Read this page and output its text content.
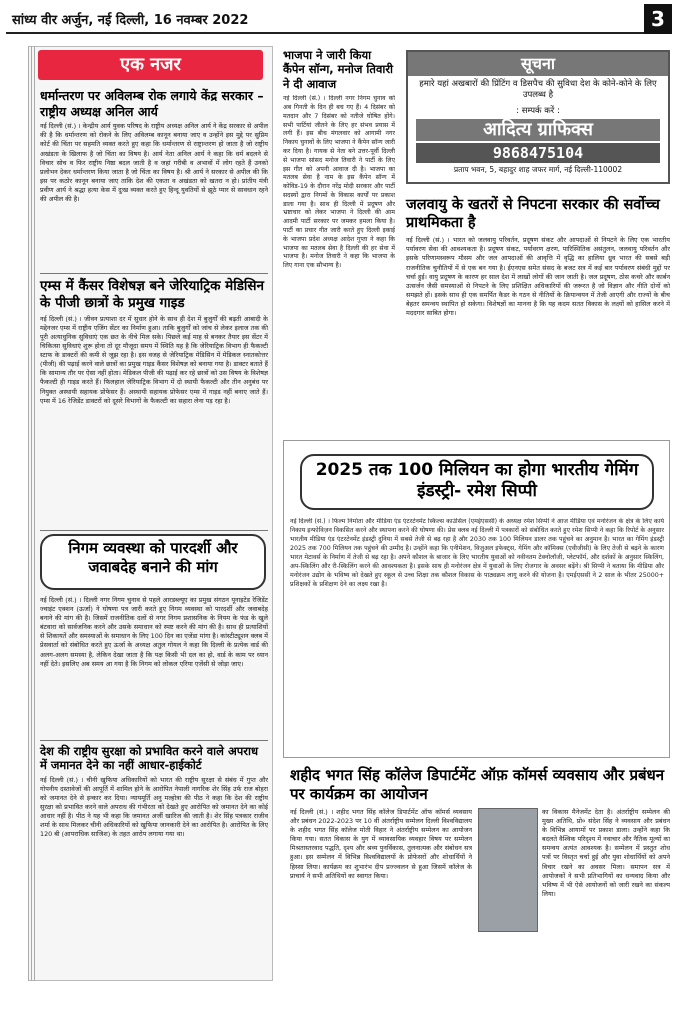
सांध्य वीर अर्जुन, नई दिल्ली, 16 नवम्बर 2022	3
एक नजर
धर्मान्तरण पर अविलम्ब रोक लगाये केंद्र सरकार –राष्ट्रीय अध्यक्ष अनिल आर्य
नई दिल्ली (सं.) । केन्द्रीय आर्य युवक परिषद के राष्ट्रीय अध्यक्ष अनिल आर्य ने केंद्र सरकार से अपील की है कि धर्मान्तरण को रोकने के लिए अविलम्ब कानून बनाया जाए व उन्होंने इस मुद्दे पर सुप्रिम कोर्ट की चिंता पर सहमति व्यक्त करते हुए कहा कि धर्मान्तरण से राष्ट्रान्तरण हो जाता है जो राष्ट्रीय अखंडता के खिलाफ है जो चिंता का विषय है। आर्य नेता अनिल आर्य ने कहा कि धर्म बदलने से विचार सोच व फिर राष्ट्रीय निष्ठा बदल जाती है व जहां गरीबी व अभावों में लोग रहते हैं उनको प्रलोभन देकर धर्मान्तरण किया जाता है जो चिंता का विषय है। श्री आर्य ने सरकार से अपील की कि इस पर कठोर कानून बनाया जाए ताकि देश की एकता व अखंडता को खतरा न हो। प्रांतीय मंत्री प्रवीण आर्य ने श्रद्धा हत्या केस में दुःख व्यक्त करते हुए हिन्दू युवतियों से झूठे प्यार से सावधान रहने की अपील की है।
एम्स में कैंसर विशेषज्ञ बने जेरियाट्रिक मेडिसिन के पीजी छात्रों के प्रमुख गाइड
नई दिल्ली (सं.) । जीवन प्रत्याशा दर में सुधार होने के साथ ही देश में बुजुर्गों की बढ़ती आबादी के मद्देनजर एम्स में राष्ट्रीय एजिंग सेंटर का निर्माण हुआ। ताकि बुजुर्गों को जांच से लेकर इलाज तक की पूरी अत्याधुनिक सुविधाएं एक छत के नीचे मिल सके। पिछले कई माह से बनकर तैयार इस सेंटर में चिकित्सा सुविधाएं शुरू होना तो दूर मौजूदा समय में स्थिति यह है कि जेरियाट्रिक विभाग ही फैकल्टी स्टाफ के डाक्टरों की कमी से जूझ रहा है। इस वजह से जेरियाट्रिक मेडिसिन में मेडिकल स्नातकोत्तर (पीजी) की पढ़ाई करने वाले छात्रों का प्रमुख गाइड कैंसर विशेषज्ञ को बनाया गया है। डाक्टर बताते हैं कि सामान्य तौर पर ऐसा नहीं होता। मेडिकल पीजी की पढ़ाई कर रहे छात्रों को उस विषय के विशेषज्ञ फैकल्टी ही गाइड करते हैं। फिलहाल जेरियाट्रिक विभाग में दो स्थायी फैकल्टी और तीन अनुबंध पर नियुक्त अस्थायी सहायक प्रोफेसर हैं। अस्थायी सहायक प्रोफेसर एम्स में गाइड नहीं बनाए जाते हैं। एम्स में 16 रेजिडेंट डाक्टरों को दूसरे विभागों के फैकल्टी का सहारा लेना पड़ रहा है।
निगम व्यवस्था को पारदर्शी और जवाबदेह बनाने की मांग
नई दिल्ली (सं.) । दिल्ली नगर निगम चुनाव से पहले आरडब्ल्यूए का प्रमुख संगठन यूनाइटेड रेजिडेंट ज्वाइंट एक्शन (ऊर्जा) ने घोषणा पत्र जारी करते हुए निगम व्यवस्था को पारदर्शी और जवाबदेह बनाने की मांग की है। जिसमें राजनीतिक दलों से नगर निगम प्रशासनिक के नियम के फंड के खुले बंटवारा को सार्वजनिक करने और उसके समाधान को स्पष्ट करने की मांग की है। साथ ही प्रत्याशियों से शिकायतें और समस्याओं के समाधान के लिए 100 दिन का एजेंडा मांगा है। कांस्टीट्यूशन क्लब में प्रेसवार्ता को संबोधित करते हुए ऊर्जा के अध्यक्ष अतुल गोयल ने कहा कि दिल्ली के प्रत्येक वार्ड की अलग-अलग समस्या है, लेकिन देखा जाता है कि पक्ष किसी भी दल का हो, वार्ड के काम पर ध्यान नहीं देते। इसलिए अब समय आ गया है कि निगम को लोकल एरिया एजेंसी से जोड़ा जाए।
देश की राष्ट्रीय सुरक्षा को प्रभावित करने वाले अपराध में जमानत देने का नहीं आधार-हाईकोर्ट
नई दिल्ली (सं.) । चीनी खुफिया अधिकारियों को भारत की राष्ट्रीय सुरक्षा से संबंध में गुप्त और गोपनीय दस्तावेजों की आपूर्ति में शामिल होने के आरोपित नेपाली नागरिक शेर सिंह उर्फ राज बोहरा को जमानत देने से इन्कार कर दिया। न्यायमूर्ति अनु मल्होत्रा की पीठ ने कहा कि देश की राष्ट्रीय सुरक्षा को प्रभावित करने वाले अपराध की गंभीरता को देखते हुए आरोपित को जमानत देने का कोई आधार नहीं है। पीठ ने यह भी कहा कि जमानत अर्जी खारिज की जाती है। शेर सिंह पत्रकार राजीव शर्मा के साथ मिलकर चीनी अधिकारियों को खुफिया जानकारी देने का आरोपित है। आरोपित के लिए 120 बी (आपराधिक साजिश) के तहत आरोप लगाया गया था।
भाजपा ने जारी किया कैंपेन सॉन्ग, मनोज तिवारी ने दी आवाज
नई दिल्ली (सं.) । दिल्ली नगर निगम चुनाव को अब गिनती के दिन ही बच गए हैं। 4 दिसंबर को मतदान और 7 दिसंबर को नतीजे घोषित होंगे। सभी पार्टियां जीतने के लिए हर संभव प्रयास में लगी हैं। इस बीच मंगलवार को आगामी नगर निकाय चुनावों के लिए भाजपा ने कैंपेन सॉन्ग जारी कर दिया है। गायक से नेता बने उत्तर-पूर्वी दिल्ली से भाजपा सांसद मनोज तिवारी ने पार्टी के लिए इस गीत को अपनी आवाज दी है। भाजपा का मतलब सेवा है नाम के इस कैंपेन सॉन्ग में कोविड-19 के दौरान नरेंद्र मोदी सरकार और पार्टी सदस्यों द्वारा निगमों के विकास कार्यों पर प्रकाश डाला गया है। साथ ही दिल्ली में प्रदूषण और भ्रष्टाचार को लेकर भाजपा ने दिल्ली की आम आदमी पार्टी सरकार पर जमकर हमला किया है। पार्टी का प्रचार गीत जारी करते हुए दिल्ली इकाई के भाजपा प्रदेश अध्यक्ष आदेश गुप्ता ने कहा कि भाजपा का मतलब सेवा है दिल्ली की हर सेवा में भाजपा है। मनोज तिवारी ने कहा कि भाजपा के लिए गाना एक सौभाग्य है।
सूचना
हमारे यहां अखबारों की प्रिंटिंग व डिसपैच की सुविधा देश के कोने-कोने के लिए उपलब्ध है
: सम्पर्क करें :
आदित्य ग्राफिक्स
9868475104
प्रताप भवन, 5, बहादुर शाह जफर मार्ग, नई दिल्ली-110002
जलवायु के खतरों से निपटना सरकार की सर्वोच्च प्राथमिकता है
नई दिल्ली (सं.) । भारत को जलवायु परिवर्तन, प्रदूषण संकट और आपदाओं से निपटने के लिए एक भारतीय पर्यावरण सेवा की आवश्यकता है। प्रदूषण संकट, पर्यावरण क्षरण, पारिस्थितिक असंतुलन, जलवायु परिवर्तन और इसके परिणामस्वरूप मौसम और जल आपदाओं की आवृत्ति में वृद्धि का हालिया ध्रुव भारत की सबसे बड़ी राजनीतिक चुनौतियों में से एक बन गया है। ईएनएस समेत संसद के बजट सत्र में कई बार पर्यावरण संबंधी मुद्दों पर चर्चा हुई। वायु प्रदूषण के कारण हर साल देश में लाखों लोगों की जान जाती है। जल प्रदूषण, ठोस कचरे और कार्बन उत्सर्जन जैसी समस्याओं से निपटने के लिए प्रशिक्षित अधिकारियों की जरूरत है जो विज्ञान और नीति दोनों को समझते हों। इसके साथ ही एक समर्पित कैडर के गठन से नीतियों के क्रियान्वयन में तेजी आएगी और राज्यों के बीच बेहतर समन्वय स्थापित हो सकेगा। विशेषज्ञों का मानना है कि यह कदम सतत विकास के लक्ष्यों को हासिल करने में मददगार साबित होगा।
2025 तक 100 मिलियन का होगा भारतीय गेमिंग इंडस्ट्री- रमेश सिप्पी
नई दिल्ली (सं.) । फिल्म निर्माता और मीडिया एंड एंटरटेनमेंट स्किल्स काउंसिल (एमईएससी) के अध्यक्ष रमेश सिप्पी ने आज मीडिया एवं मनोरंजन के क्षेत्र के लिए कार्य निकाय इन्फोविज़न विकसित करने और स्थापना करने की घोषणा की। प्रेस क्लब नई दिल्ली में पत्रकारों को संबोधित करते हुए रमेश सिप्पी ने कहा कि रिपोर्ट के अनुसार भारतीय मीडिया एंड एंटरटेनमेंट इंडस्ट्री दुनिया में सबसे तेजी से बढ़ रहा है और 2030 तक 100 मिलियन डालर तक पहुंचने का अनुमान है। भारत का गेमिंग इंडस्ट्री 2025 तक 700 मिलियन तक पहुंचने की उम्मीद है। उन्होंने कहा कि एनीमेशन, विजुअल इफेक्ट्स, गेमिंग और कॉमिक्स (एवीजीसी) के लिए तेजी से बढ़ने के कारण भारत मेटावर्स के निर्माण में तेजी से बढ़ रहा है। अपने कौशल के बाजार के लिए भारतीय युवाओं को नवीनतम टेक्नोलॉजी, प्लेटफॉर्म, और दर्शकों के अनुसार स्किलिंग, अप-स्किलिंग और री-स्किलिंग करने की आवश्यकता है। इसके साथ ही मनोरंजन क्षेत्र में युवाओं के लिए रोजगार के अवसर बढ़ेंगे। श्री सिप्पी ने बताया कि मीडिया और मनोरंजन उद्योग के भविष्य को देखते हुए स्कूल से उच्च शिक्षा तक कौशल विकास के पाठ्यक्रम लागू करने की योजना है। एमईएससी ने 2 साल के भीतर 25000+ प्रशिक्षकों के प्रशिक्षण देने का लक्ष्य रखा है।
शहीद भगत सिंह कॉलेज डिपार्टमेंट ऑफ़ कॉमर्स व्यवसाय और प्रबंधन पर कार्यक्रम का आयोजन
नई दिल्ली (सं.) । शहीद भगत सिंह कॉलेज डिपार्टमेंट ऑफ कॉमर्स व्यवसाय और प्रबंधन 2022-2023 पर 10 वीं अंतर्राष्ट्रीय सम्मेलन दिल्ली विश्वविद्यालय के शहीद भगत सिंह कॉलेज मोती विहार ने अंतर्राष्ट्रीय सम्मेलन का आयोजन किया गया। सतत विकास के युग में व्यावसायिक व्यवहार विषय पर सम्मेलन मिश्रतास्तरवाद पद्धति, दृश्य और श्रव्य पुनर्विकास, तुलनात्मक और संबोधन सत्र हुआ। इस सम्मेलन में विभिन्न विश्वविद्यालयों के प्रोफेसरों और शोधार्थियों ने हिस्सा लिया। कार्यक्रम का शुभारंभ दीप प्रज्ज्वलन से हुआ जिसमें कॉलेज के प्राचार्य ने सभी अतिथियों का स्वागत किया।
का विकास मैनेजमेंट देता है। अंतर्राष्ट्रीय सम्मेलन की मुख्य अतिथि, प्रो० संदेश सिंह ने व्यवसाय और प्रबंधन के विभिन्न आयामों पर प्रकाश डाला। उन्होंने कहा कि बदलते वैश्विक परिदृश्य में नवाचार और नैतिक मूल्यों का समन्वय अत्यंत आवश्यक है। सम्मेलन में प्रस्तुत शोध पत्रों पर विस्तृत चर्चा हुई और युवा शोधार्थियों को अपने विचार रखने का अवसर मिला। समापन सत्र में आयोजकों ने सभी प्रतिभागियों का धन्यवाद किया और भविष्य में भी ऐसे आयोजनों को जारी रखने का संकल्प लिया।
